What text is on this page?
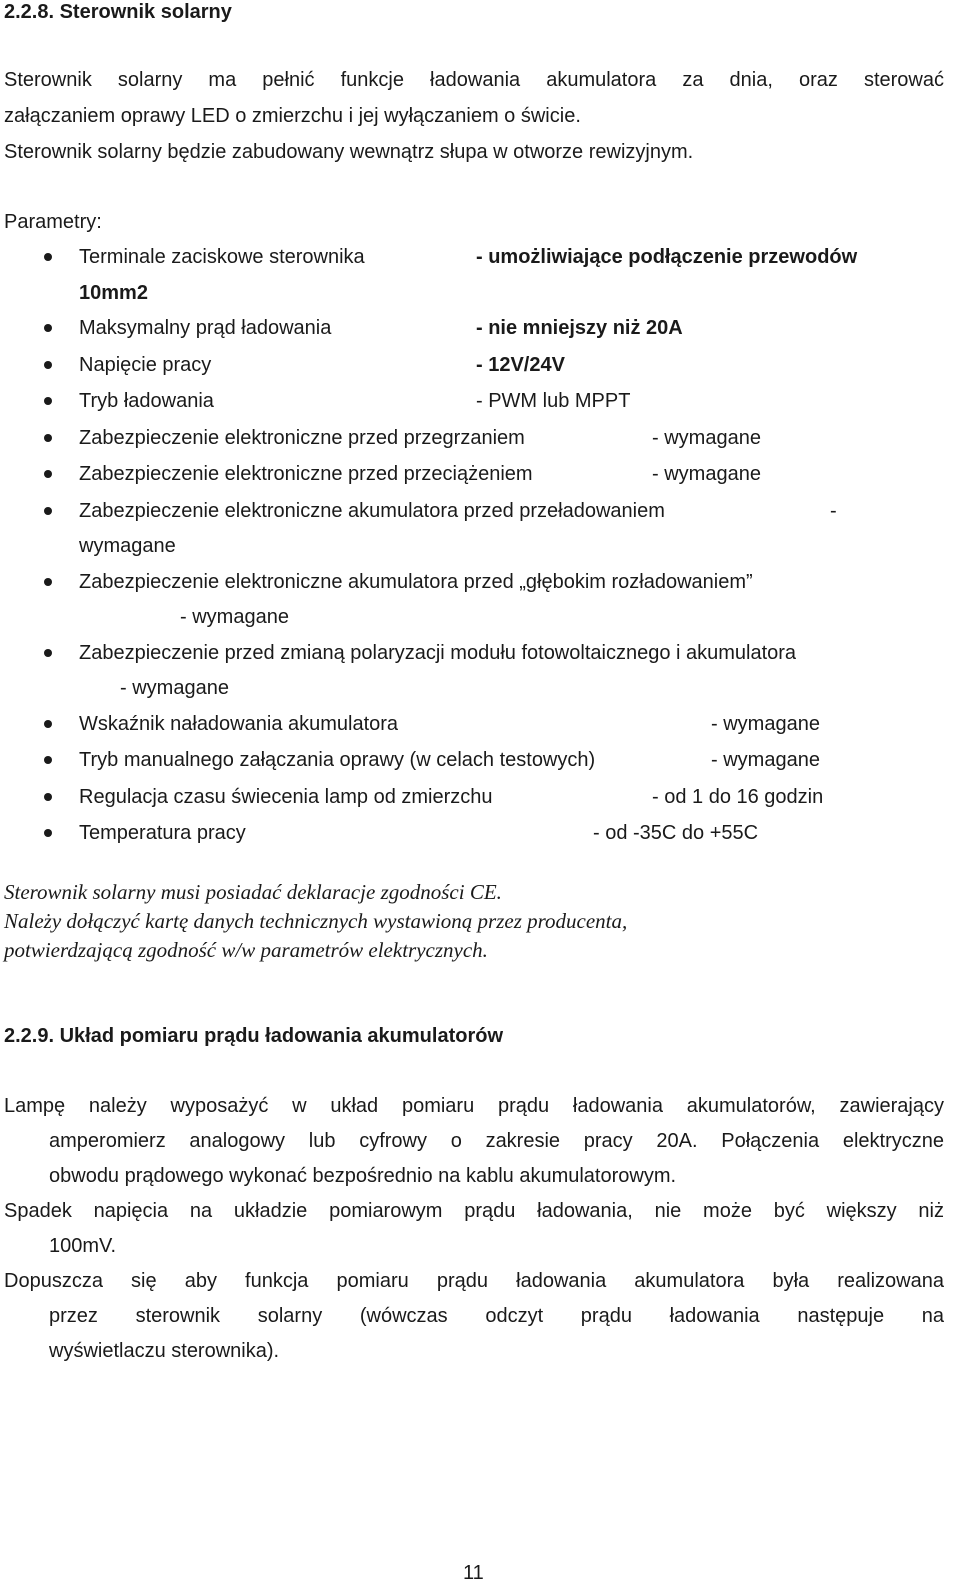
2.2.8. Sterownik solarny
Sterownik solarny ma pełnić funkcje ładowania akumulatora za dnia, oraz sterować
załączaniem oprawy LED o zmierzchu i jej wyłączaniem o świcie.
Sterownik solarny będzie zabudowany wewnątrz słupa w otworze rewizyjnym.
Parametry:
Terminale zaciskowe sterownika	- umożliwiające podłączenie przewodów
10mm2
Maksymalny prąd ładowania	- nie mniejszy niż 20A
Napięcie pracy	- 12V/24V
Tryb ładowania	- PWM lub MPPT
Zabezpieczenie elektroniczne przed przegrzaniem	- wymagane
Zabezpieczenie elektroniczne przed przeciążeniem	- wymagane
Zabezpieczenie elektroniczne akumulatora przed przeładowaniem	-
wymagane
Zabezpieczenie elektroniczne akumulatora przed „głębokim rozładowaniem”
- wymagane
Zabezpieczenie przed zmianą polaryzacji modułu fotowoltaicznego i akumulatora
- wymagane
Wskaźnik naładowania akumulatora	- wymagane
Tryb manualnego załączania oprawy (w celach testowych)	- wymagane
Regulacja czasu świecenia lamp od zmierzchu	- od 1 do 16 godzin
Temperatura pracy	- od -35C do +55C
Sterownik solarny musi posiadać deklaracje zgodności CE.
Należy dołączyć kartę danych technicznych wystawioną przez producenta,
potwierdzającą zgodność w/w parametrów elektrycznych.
2.2.9. Układ pomiaru prądu ładowania akumulatorów
Lampę należy wyposażyć w układ pomiaru prądu ładowania akumulatorów, zawierający
amperomierz analogowy lub cyfrowy o zakresie pracy 20A. Połączenia elektryczne
obwodu prądowego wykonać bezpośrednio na kablu akumulatorowym.
Spadek napięcia na układzie pomiarowym prądu ładowania, nie może być większy niż
100mV.
Dopuszcza się aby funkcja pomiaru prądu ładowania akumulatora była realizowana
przez sterownik solarny (wówczas odczyt prądu ładowania następuje na
wyświetlaczu sterownika).
11
